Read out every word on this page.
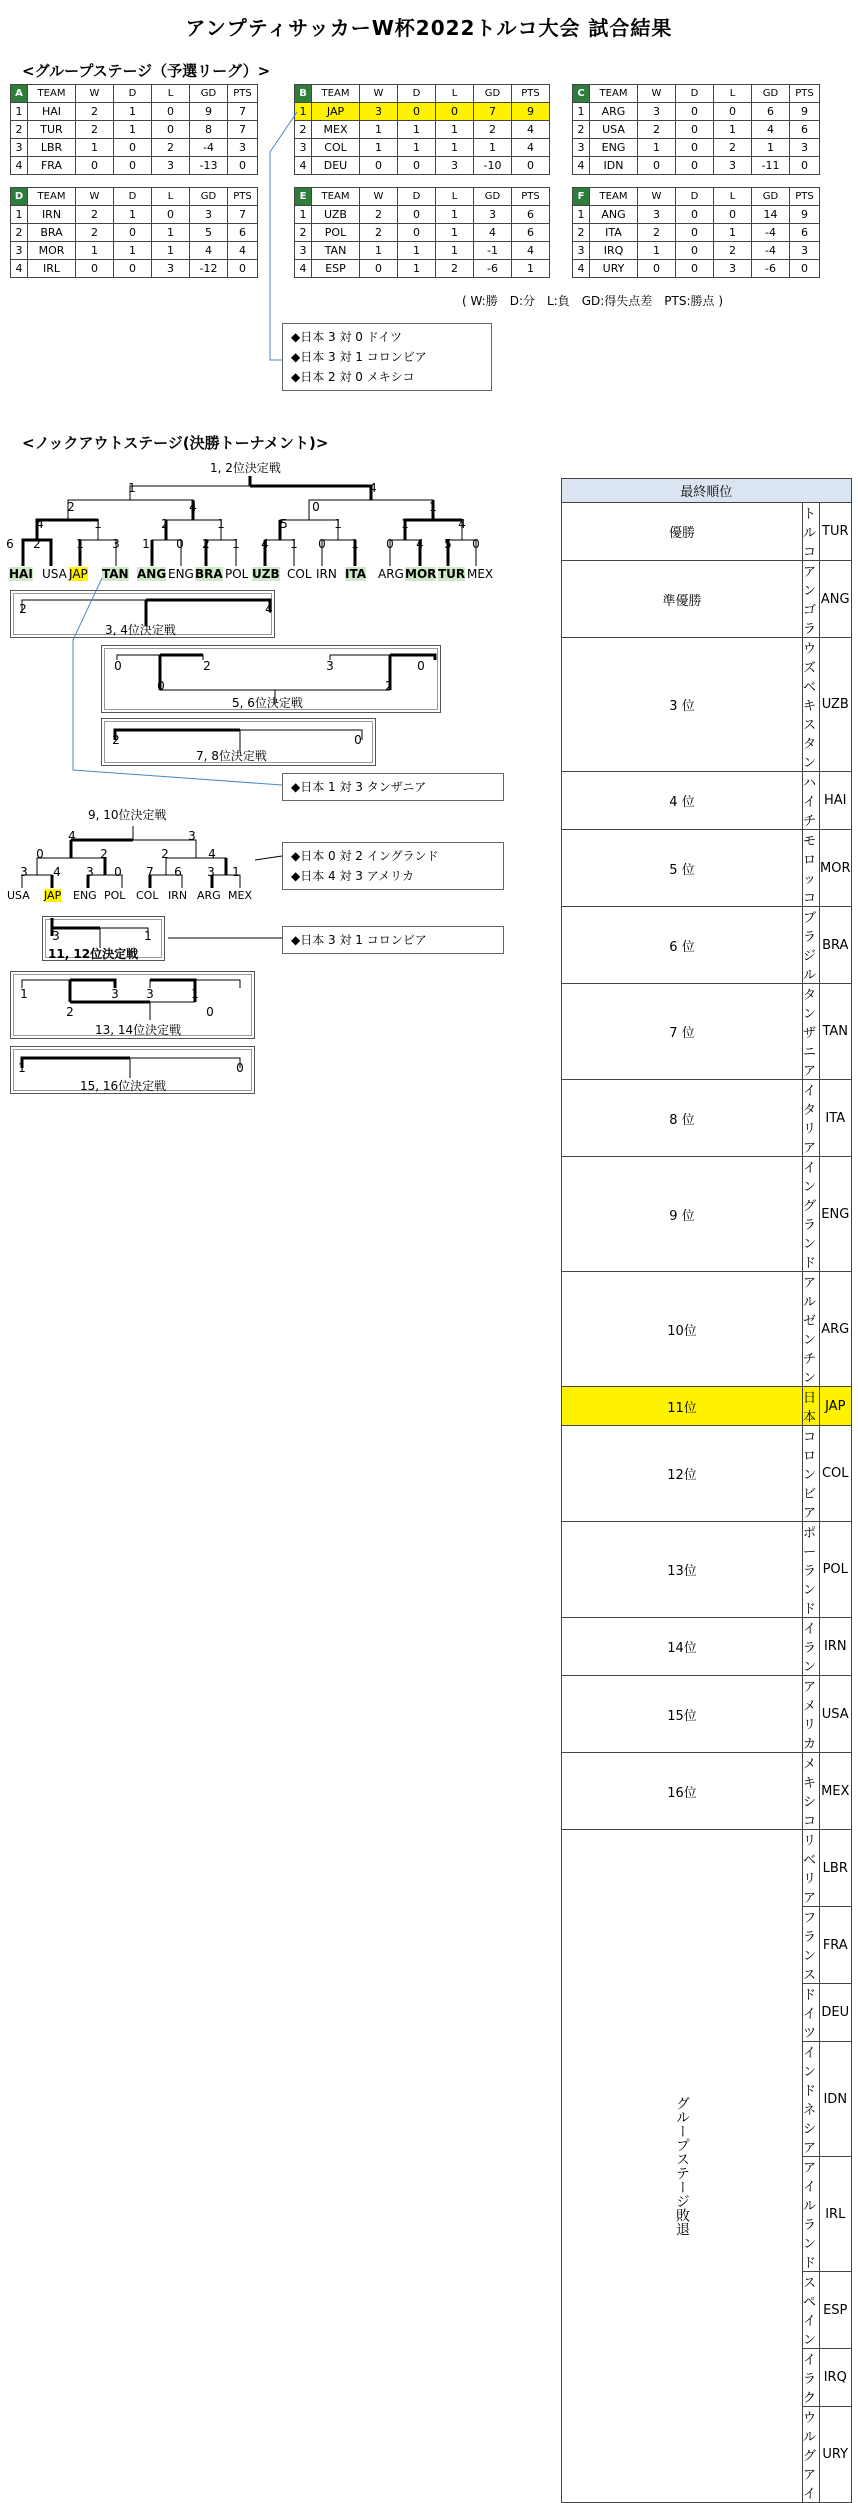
アンプティサッカーW杯2022トルコ大会 試合結果
<グループステージ（予選リーグ）>
A	TEAM	W	D	L	GD	PTS
1	HAI	2	1	0	9	7
2	TUR	2	1	0	8	7
3	LBR	1	0	2	-4	3
4	FRA	0	0	3	-13	0
B	TEAM	W	D	L	GD	PTS
1	JAP	3	0	0	7	9
2	MEX	1	1	1	2	4
3	COL	1	1	1	1	4
4	DEU	0	0	3	-10	0
C	TEAM	W	D	L	GD	PTS
1	ARG	3	0	0	6	9
2	USA	2	0	1	4	6
3	ENG	1	0	2	1	3
4	IDN	0	0	3	-11	0
D	TEAM	W	D	L	GD	PTS
1	IRN	2	1	0	3	7
2	BRA	2	0	1	5	6
3	MOR	1	1	1	4	4
4	IRL	0	0	3	-12	0
E	TEAM	W	D	L	GD	PTS
1	UZB	2	0	1	3	6
2	POL	2	0	1	4	6
3	TAN	1	1	1	-1	4
4	ESP	0	1	2	-6	1
F	TEAM	W	D	L	GD	PTS
1	ANG	3	0	0	14	9
2	ITA	2	0	1	-4	6
3	IRQ	1	0	2	-4	3
4	URY	0	0	3	-6	0
( W:勝　D:分　L:負　GD:得失点差　PTS:勝点 )
◆日本 3 対 0 ドイツ
◆日本 3 対 1 コロンビア
◆日本 2 対 0 メキシコ
<ノックアウトステージ(決勝トーナメント)>
HAI USA JAP TAN ANG ENG BRA POL UZB COL IRN ITA ARG MOR TUR MEX
6 2	1 3 1 0 2 1 4 1 0 1 0 4 5 0
4	1	2	1	5	1	1	4
2	4	0	1
1	4
2	4
0	2
0
3	0
2
2	0
3 4 3 0 7 6 3 1
0	2	2	4
4	3
3	1
1
2
3 3	1
0
1	0
1, 2位決定戦
3, 4位決定戦
5, 6位決定戦
7, 8位決定戦
9, 10位決定戦
11, 12位決定戦
13, 14位決定戦
15, 16位決定戦
USA JAP ENG POL COL IRN ARG MEX
◆日本 1 対 3 タンザニア
◆日本 0 対 2 イングランド
◆日本 4 対 3 アメリカ
◆日本 3 対 1 コロンビア
最終順位		
優勝	トルコ	TUR
準優勝	アンゴラ	ANG
3 位	ウズベキスタン	UZB
4 位	ハイチ	HAI
5 位	モロッコ	MOR
6 位	ブラジル	BRA
7 位	タンザニア	TAN
8 位	イタリア	ITA
9 位	イングランド	ENG
10位	アルゼンチン	ARG
11位	日本	JAP
12位	コロンビア	COL
13位	ポーランド	POL
14位	イラン	IRN
15位	アメリカ	USA
16位	メキシコ	MEX
グループステージ敗退	リベリア	LBR
	フランス	FRA
	ドイツ	DEU
	インドネシア	IDN
	アイルランド	IRL
	スペイン	ESP
	イラク	IRQ
	ウルグアイ	URY
